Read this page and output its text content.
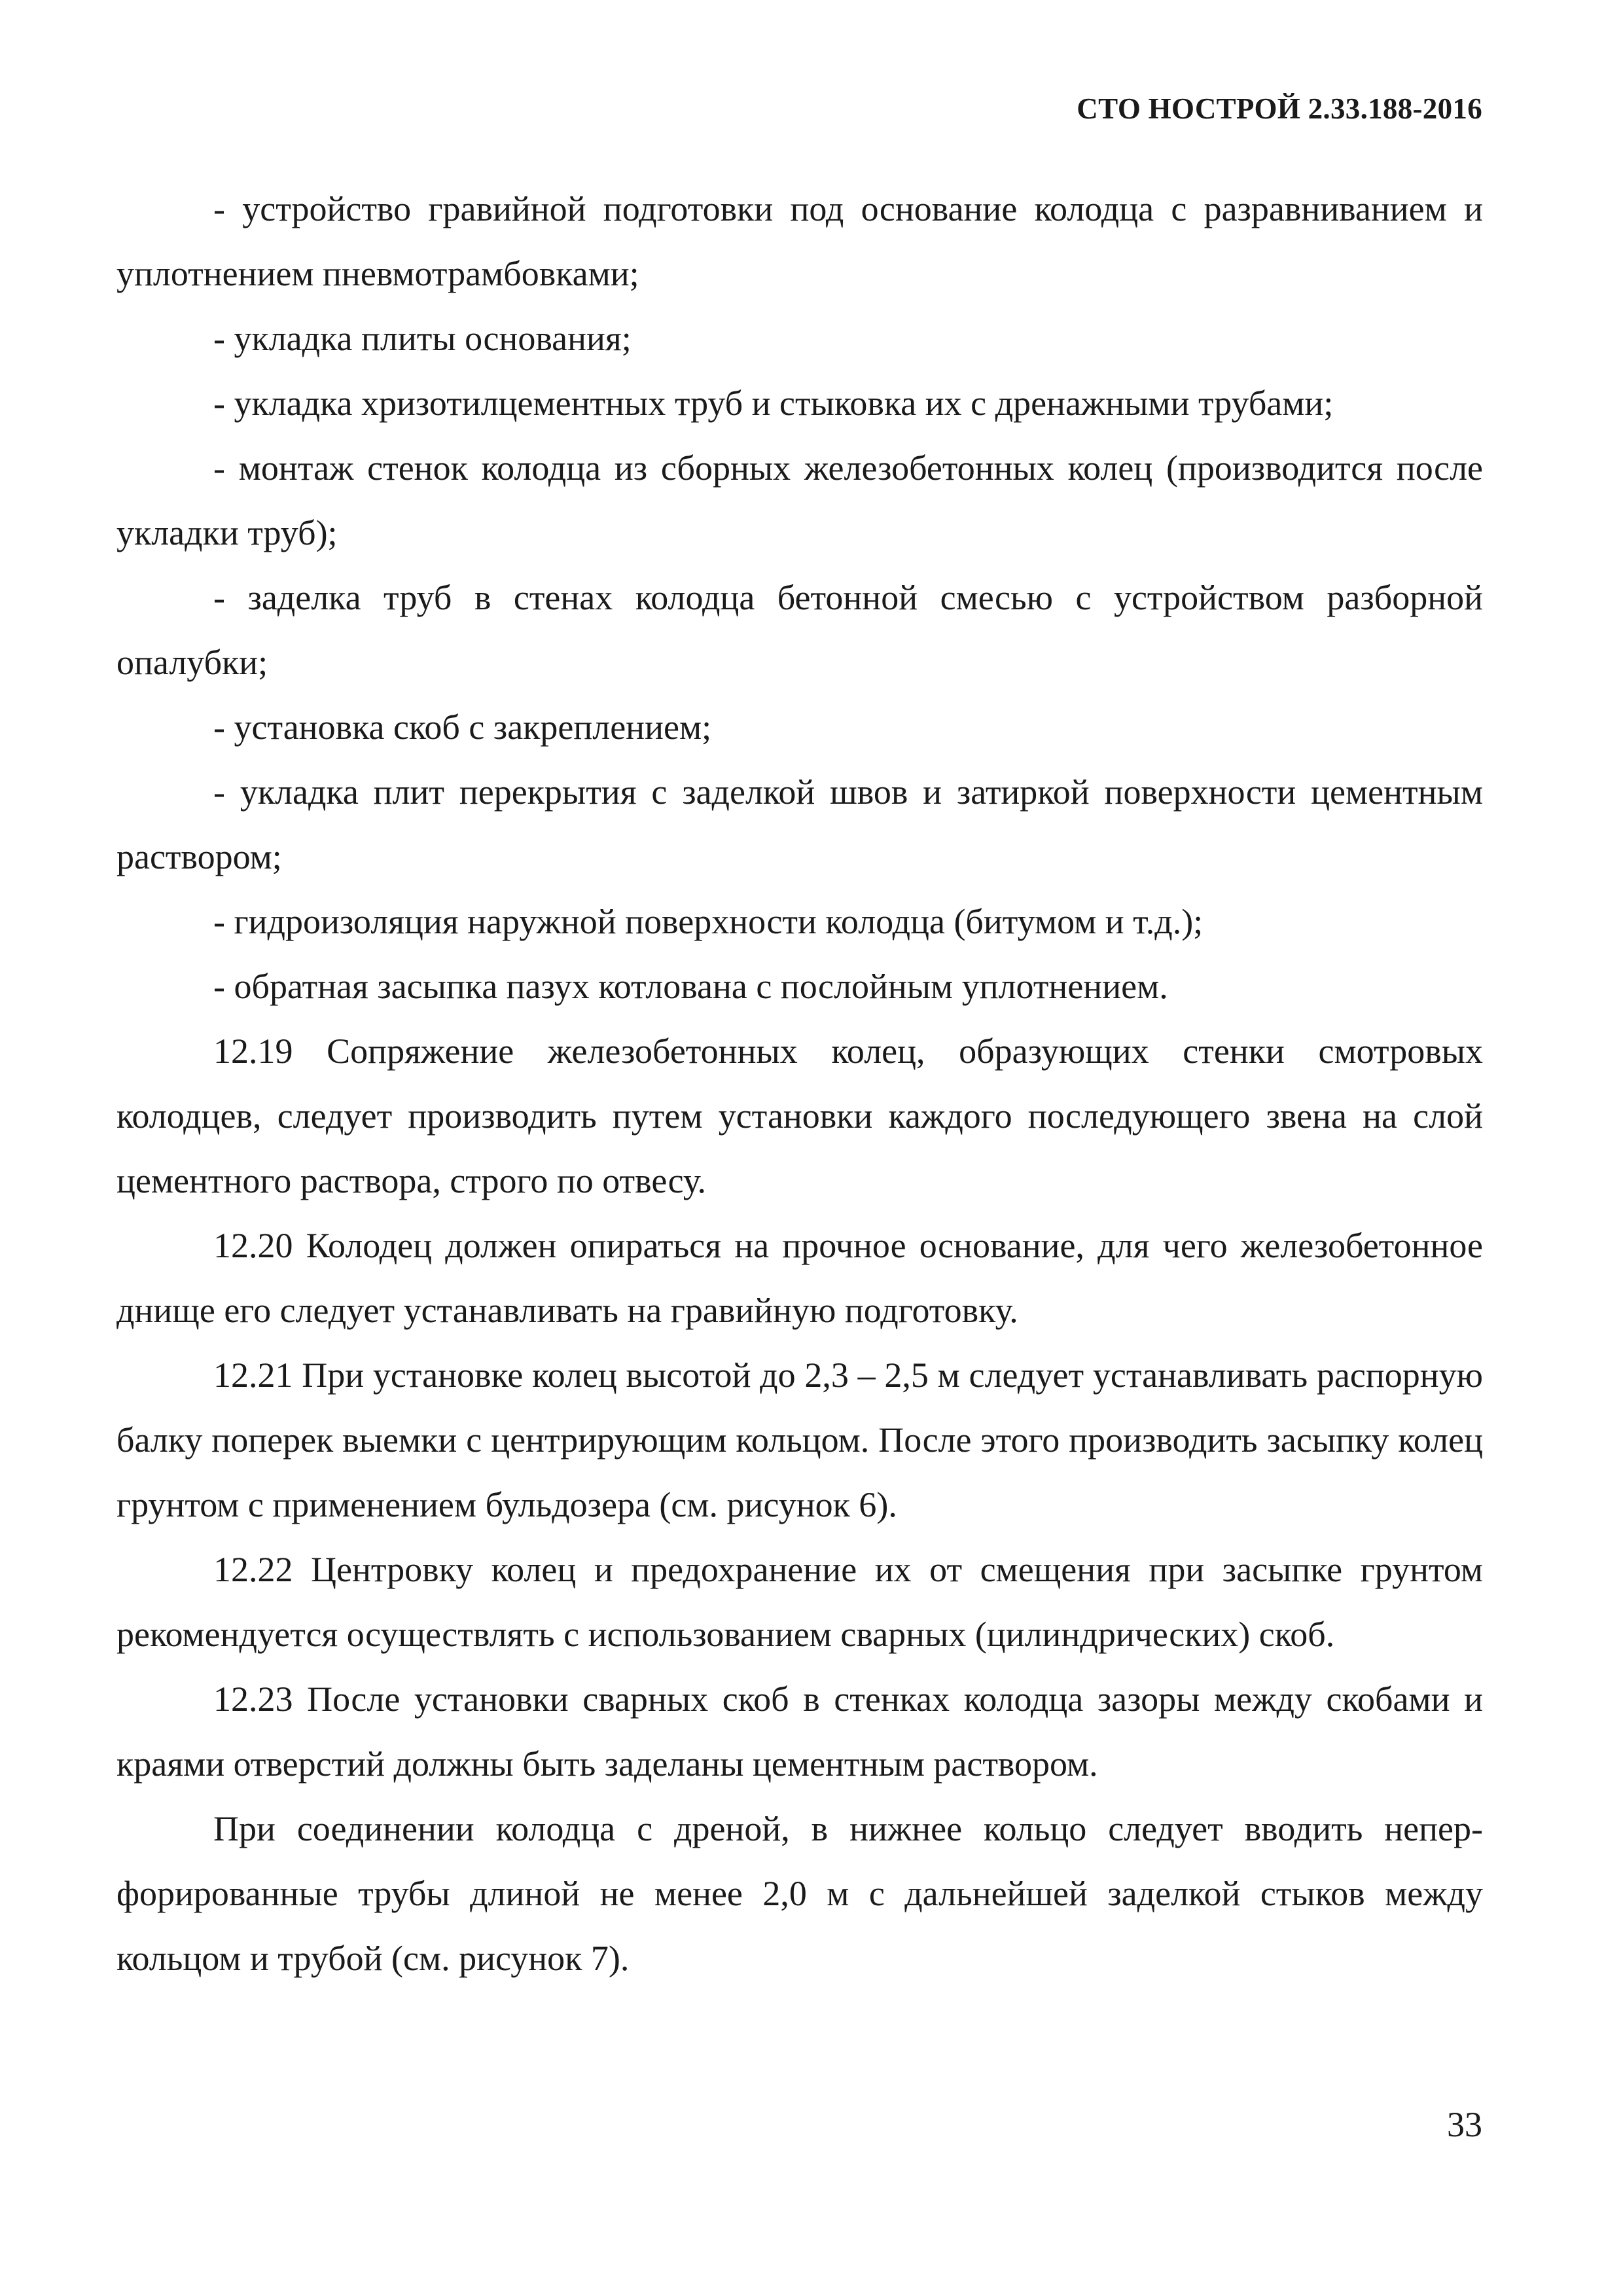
СТО НОСТРОЙ 2.33.188-2016

- устройство гравийной подготовки под основание колодца с разравниванием и уплотнением пневмотрамбовками;

- укладка плиты основания;

- укладка хризотилцементных труб и стыковка их с дренажными трубами;

- монтаж стенок колодца из сборных железобетонных колец (производится после укладки труб);

- заделка труб в стенах колодца бетонной смесью с устройством разборной опалубки;

- установка скоб с закреплением;

- укладка плит перекрытия с заделкой швов и затиркой поверхности цементным раствором;

- гидроизоляция наружной поверхности колодца (битумом и т.д.);

- обратная засыпка пазух котлована с послойным уплотнением.

12.19 Сопряжение железобетонных колец, образующих стенки смотровых колодцев, следует производить путем установки каждого последующего звена на слой цементного раствора, строго по отвесу.

12.20 Колодец должен опираться на прочное основание, для чего железобетонное днище его следует устанавливать на гравийную подготовку.

12.21 При установке колец высотой до 2,3 – 2,5 м следует устанавливать распорную балку поперек выемки с центрирующим кольцом. После этого производить засыпку колец грунтом с применением бульдозера (см. рисунок 6).

12.22 Центровку колец и предохранение их от смещения при засыпке грунтом рекомендуется осуществлять с использованием сварных (цилиндрических) скоб.

12.23 После установки сварных скоб в стенках колодца зазоры между скобами и краями отверстий должны быть заделаны цементным раствором.

При соединении колодца с дреной, в нижнее кольцо следует вводить неперфорированные трубы длиной не менее 2,0 м с дальнейшей заделкой стыков между кольцом и трубой (см. рисунок 7).

33
